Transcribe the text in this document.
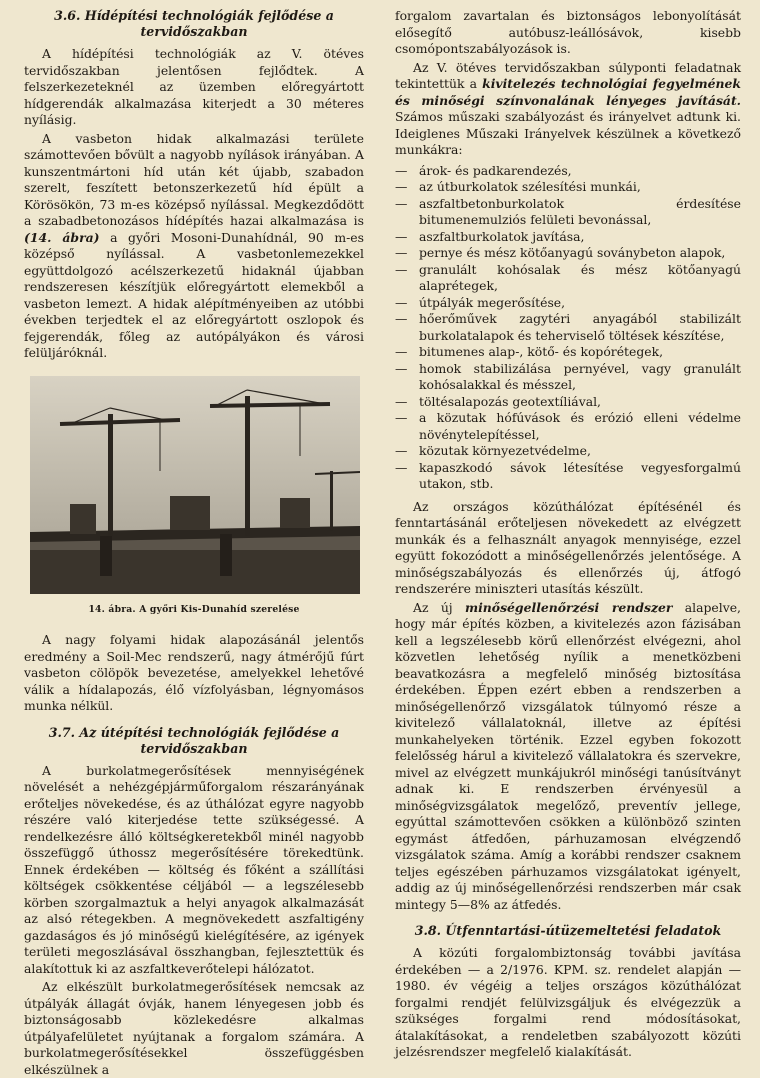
3.6. Hídépítési technológiák fejlődése a tervidőszakban

A hídépítési technológiák az V. ötéves tervidőszakban jelentősen fejlődtek. A felszerkezeteknél az üzemben előregyártott hídgerendák alkalmazása kiterjedt a 30 méteres nyílásig.

A vasbeton hidak alkalmazási területe számottevően bővült a nagyobb nyílások irányában. A kunszentmártoni híd után két újabb, szabadon szerelt, feszített betonszerkezetű híd épült a Körösökön, 73 m-es középső nyílással. Megkezdődött a szabadbetonozásos hídépítés hazai alkalmazása is (14. ábra) a győri Mosoni-Dunahídnál, 90 m-es középső nyílással. A vasbetonlemezekkel együttdolgozó acélszerkezetű hidaknál újabban rendszeresen készítjük előregyártott elemekből a vasbeton lemezt. A hidak alépítményeiben az utóbbi években terjedtek el az előregyártott oszlopok és fejgerendák, főleg az autópályákon és városi felüljáróknál.

14. ábra. A győri Kis-Dunahíd szerelése

A nagy folyami hidak alapozásánál jelentős eredmény a Soil-Mec rendszerű, nagy átmérőjű fúrt vasbeton cölöpök bevezetése, amelyekkel lehetővé válik a hídalapozás, élő vízfolyásban, légnyomásos munka nélkül.

3.7. Az útépítési technológiák fejlődése a tervidőszakban

A burkolatmegerősítések mennyiségének növelését a nehézgépjárműforgalom részarányának erőteljes növekedése, és az úthálózat egyre nagyobb részére való kiterjedése tette szükségessé. A rendelkezésre álló költségkeretekből minél nagyobb összefüggő úthossz megerősítésére törekedtünk. Ennek érdekében — költség és főként a szállítási költségek csökkentése céljából — a legszélesebb körben szorgalmaztuk a helyi anyagok alkalmazását az alsó rétegekben. A megnövekedett aszfaltigény gazdaságos és jó minőségű kielégítésére, az igények területi megoszlásával összhangban, fejlesztettük és alakítottuk ki az aszfaltkeverőtelepi hálózatot.

Az elkészült burkolatmegerősítések nemcsak az útpályák állagát óvják, hanem lényegesen jobb és biztonságosabb közlekedésre alkalmas útpályafelületet nyújtanak a forgalom számára. A burkolatmegerősítésekkel összefüggésben elkészülnek a

forgalom zavartalan és biztonságos lebonyolítását elősegítő autóbusz-leállósávok, kisebb csomópontszabályozások is.

Az V. ötéves tervidőszakban súlyponti feladatnak tekintettük a kivitelezés technológiai fegyelmének és minőségi színvonalának lényeges javítását. Számos műszaki szabályozást és irányelvet adtunk ki. Ideiglenes Műszaki Irányelvek készülnek a következő munkákra:

— árok- és padkarendezés,
— az útburkolatok szélesítési munkái,
— aszfaltbetonburkolatok érdesítése bitumenemulziós felületi bevonással,
— aszfaltburkolatok javítása,
— pernye és mész kötőanyagú soványbeton alapok,
— granulált kohósalak és mész kötőanyagú alaprétegek,
— útpályák megerősítése,
— hőerőművek zagytéri anyagából stabilizált burkolatalapok és teherviselő töltések készítése,
— bitumenes alap-, kötő- és kopórétegek,
— homok stabilizálása pernyével, vagy granulált kohósalakkal és mésszel,
— töltésalapozás geotextíliával,
— a közutak hófúvások és erózió elleni védelme növénytelepítéssel,
— közutak környezetvédelme,
— kapaszkodó sávok létesítése vegyesforgalmú utakon, stb.

Az országos közúthálózat építésénél és fenntartásánál erőteljesen növekedett az elvégzett munkák és a felhasznált anyagok mennyisége, ezzel együtt fokozódott a minőségellenőrzés jelentősége. A minőségszabályozás és ellenőrzés új, átfogó rendszerére miniszteri utasítás készült.

Az új minőségellenőrzési rendszer alapelve, hogy már építés közben, a kivitelezés azon fázisában kell a legszélesebb körű ellenőrzést elvégezni, ahol közvetlen lehetőség nyílik a menetközbeni beavatkozásra a megfelelő minőség biztosítása érdekében. Éppen ezért ebben a rendszerben a minőségellenőrző vizsgálatok túlnyomó része a kivitelező vállalatoknál, illetve az építési munkahelyeken történik. Ezzel egyben fokozott felelősség hárul a kivitelező vállalatokra és szervekre, mivel az elvégzett munkájukról minőségi tanúsítványt adnak ki. E rendszerben érvényesül a minőségvizsgálatok megelőző, preventív jellege, egyúttal számottevően csökken a különböző szinten egymást átfedően, párhuzamosan elvégzendő vizsgálatok száma. Amíg a korábbi rendszer csaknem teljes egészében párhuzamos vizsgálatokat igényelt, addig az új minőségellenőrzési rendszerben már csak mintegy 5—8% az átfedés.

3.8. Útfenntartási-útüzemeltetési feladatok

A közúti forgalombiztonság további javítása érdekében — a 2/1976. KPM. sz. rendelet alapján — 1980. év végéig a teljes országos közúthálózat forgalmi rendjét felülvizsgáljuk és elvégezzük a szükséges forgalmi rend módosításokat, átalakításokat, a rendeletben szabályozott közúti jelzésrendszer megfelelő kialakítását.
